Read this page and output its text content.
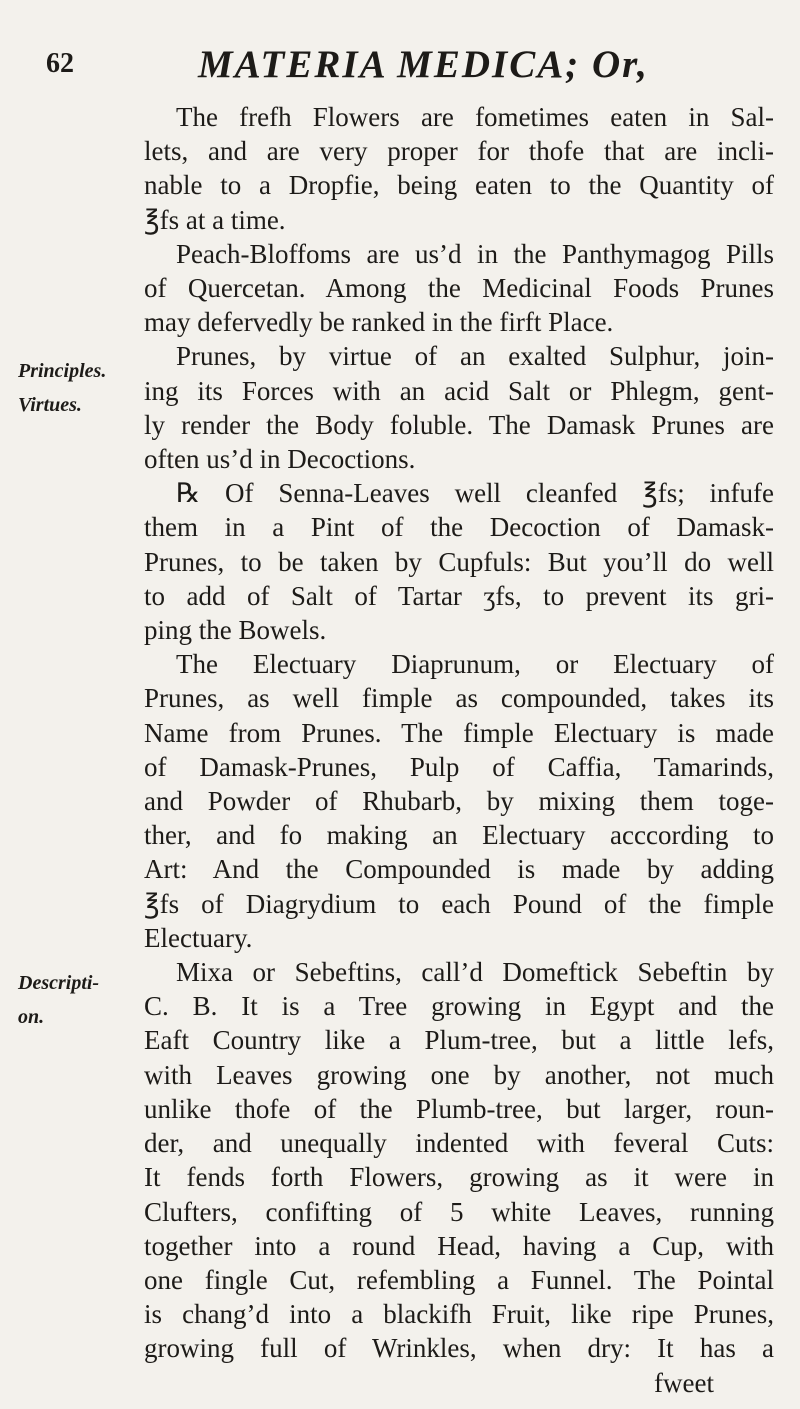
62	MATERIA MEDICA; Or,
Principles.
Virtues.
Descripti-
on.
The frefh Flowers are fometimes eaten in Sal-
lets, and are very proper for thofe that are incli-
nable to a Dropfie, being eaten to the Quantity of
℥fs at a time.
Peach-Bloffoms are us’d in the Panthymagog Pills
of Quercetan. Among the Medicinal Foods Prunes
may defervedly be ranked in the firft Place.
Prunes, by virtue of an exalted Sulphur, join-
ing its Forces with an acid Salt or Phlegm, gent-
ly render the Body foluble. The Damask Prunes are
often us’d in Decoctions.
℞ Of Senna-Leaves well cleanfed ℥fs; infufe
them in a Pint of the Decoction of Damask-
Prunes, to be taken by Cupfuls: But you’ll do well
to add of Salt of Tartar ʒfs, to prevent its gri-
ping the Bowels.
The Electuary Diaprunum, or Electuary of
Prunes, as well fimple as compounded, takes its
Name from Prunes. The fimple Electuary is made
of Damask-Prunes, Pulp of Caffia, Tamarinds,
and Powder of Rhubarb, by mixing them toge-
ther, and fo making an Electuary acccording to
Art: And the Compounded is made by adding
℥fs of Diagrydium to each Pound of the fimple
Electuary.
Mixa or Sebeftins, call’d Domeftick Sebeftin by
C. B. It is a Tree growing in Egypt and the
Eaft Country like a Plum-tree, but a little lefs,
with Leaves growing one by another, not much
unlike thofe of the Plumb-tree, but larger, roun-
der, and unequally indented with feveral Cuts:
It fends forth Flowers, growing as it were in
Clufters, confifting of 5 white Leaves, running
together into a round Head, having a Cup, with
one fingle Cut, refembling a Funnel. The Pointal
is chang’d into a blackifh Fruit, like ripe Prunes,
growing full of Wrinkles, when dry: It has a
fweet
